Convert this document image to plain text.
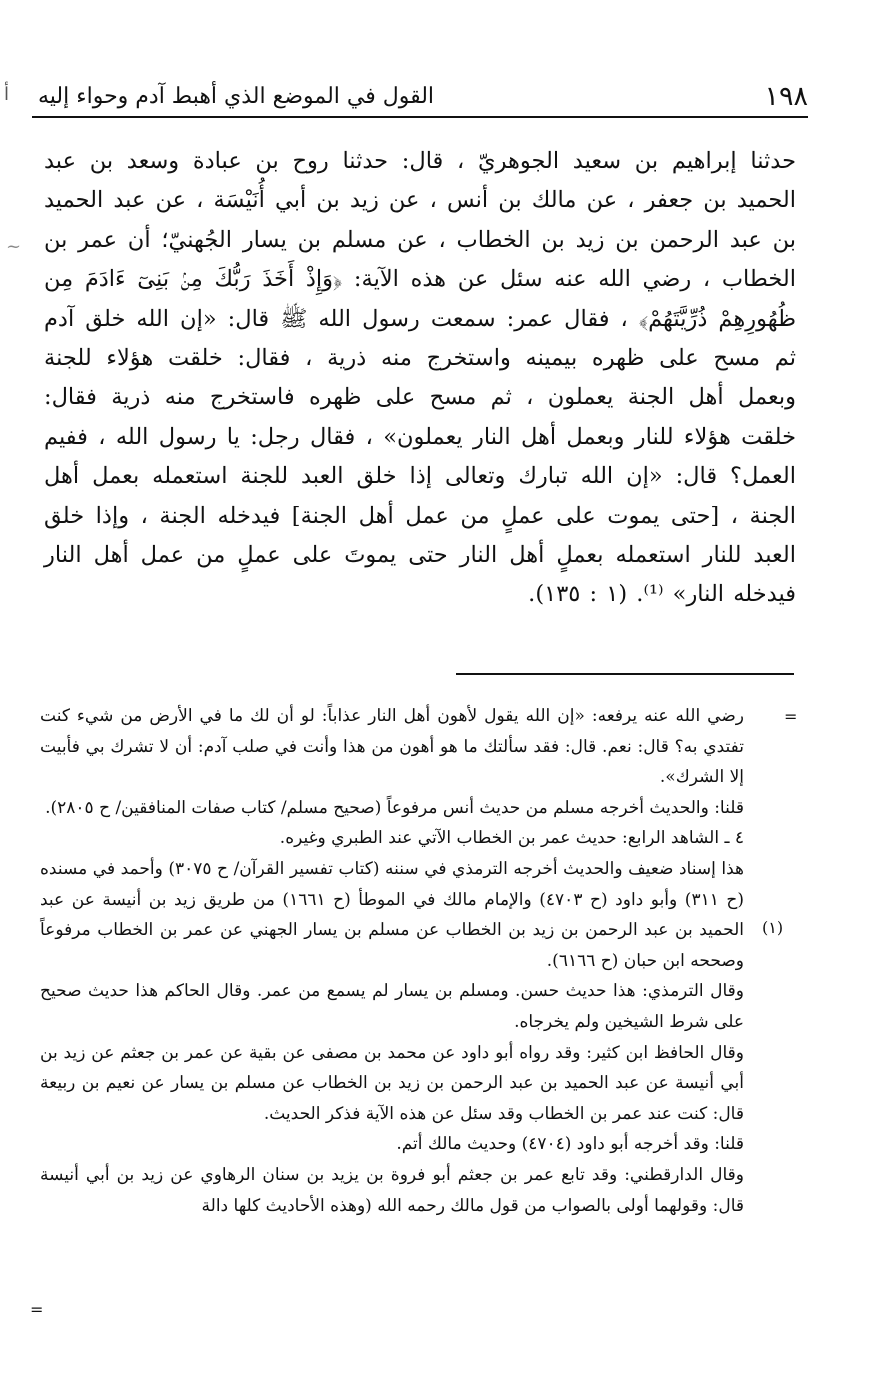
ﺃ
~
١٩٨
القول في الموضع الذي أهبط آدم وحواء إليه

حدثنا إبراهيم بن سعيد الجوهريّ ، قال: حدثنا روح بن عبادة وسعد بن عبد الحميد بن جعفر ، عن مالك بن أنس ، عن زيد بن أبي أُنَيْسَة ، عن عبد الحميد بن عبد الرحمن بن زيد بن الخطاب ، عن مسلم بن يسار الجُهنيّ؛ أن عمر بن الخطاب ، رضي الله عنه سئل عن هذه الآية: ﴿وَإِذْ أَخَذَ رَبُّكَ مِنۢ بَنِىٓ ءَادَمَ مِن ظُهُورِهِمْ ذُرِّيَّتَهُمْ﴾ ، فقال عمر: سمعت رسول الله ﷺ قال: «إن الله خلق آدم ثم مسح على ظهره بيمينه واستخرج منه ذرية ، فقال: خلقت هؤلاء للجنة وبعمل أهل الجنة يعملون ، ثم مسح على ظهره فاستخرج منه ذرية فقال: خلقت هؤلاء للنار وبعمل أهل النار يعملون» ، فقال رجل: يا رسول الله ، ففيم العمل؟ قال: «إن الله تبارك وتعالى إذا خلق العبد للجنة استعمله بعمل أهل الجنة ، [حتى يموت على عملٍ من عمل أهل الجنة] فيدخله الجنة ، وإذا خلق العبد للنار استعمله بعملٍ أهل النار حتى يموتَ على عملٍ من عمل أهل النار فيدخله النار» ⁽¹⁾. (١ : ١٣٥).

=
(١)
=

رضي الله عنه يرفعه: «إن الله يقول لأهون أهل النار عذاباً: لو أن لك ما في الأرض من شيء كنت تفتدي به؟ قال: نعم. قال: فقد سألتك ما هو أهون من هذا وأنت في صلب آدم: أن لا تشرك بي فأبيت إلا الشرك».

قلنا: والحديث أخرجه مسلم من حديث أنس مرفوعاً (صحيح مسلم/ كتاب صفات المنافقين/ ح ٢٨٠٥).

٤ ـ الشاهد الرابع: حديث عمر بن الخطاب الآتي عند الطبري وغيره.

هذا إسناد ضعيف والحديث أخرجه الترمذي في سننه (كتاب تفسير القرآن/ ح ٣٠٧٥) وأحمد في مسنده (ح ٣١١) وأبو داود (ح ٤٧٠٣) والإمام مالك في الموطأ (ح ١٦٦١) من طريق زيد بن أنيسة عن عبد الحميد بن عبد الرحمن بن زيد بن الخطاب عن مسلم بن يسار الجهني عن عمر بن الخطاب مرفوعاً وصححه ابن حبان (ح ٦١٦٦).

وقال الترمذي: هذا حديث حسن. ومسلم بن يسار لم يسمع من عمر. وقال الحاكم هذا حديث صحيح على شرط الشيخين ولم يخرجاه.

وقال الحافظ ابن كثير: وقد رواه أبو داود عن محمد بن مصفى عن بقية عن عمر بن جعثم عن زيد بن أبي أنيسة عن عبد الحميد بن عبد الرحمن بن زيد بن الخطاب عن مسلم بن يسار عن نعيم بن ربيعة قال: كنت عند عمر بن الخطاب وقد سئل عن هذه الآية فذكر الحديث.

قلنا: وقد أخرجه أبو داود (٤٧٠٤) وحديث مالك أتم.

وقال الدارقطني: وقد تابع عمر بن جعثم أبو فروة بن يزيد بن سنان الرهاوي عن زيد بن أبي أنيسة قال: وقولهما أولى بالصواب من قول مالك رحمه الله (وهذه الأحاديث كلها دالة
